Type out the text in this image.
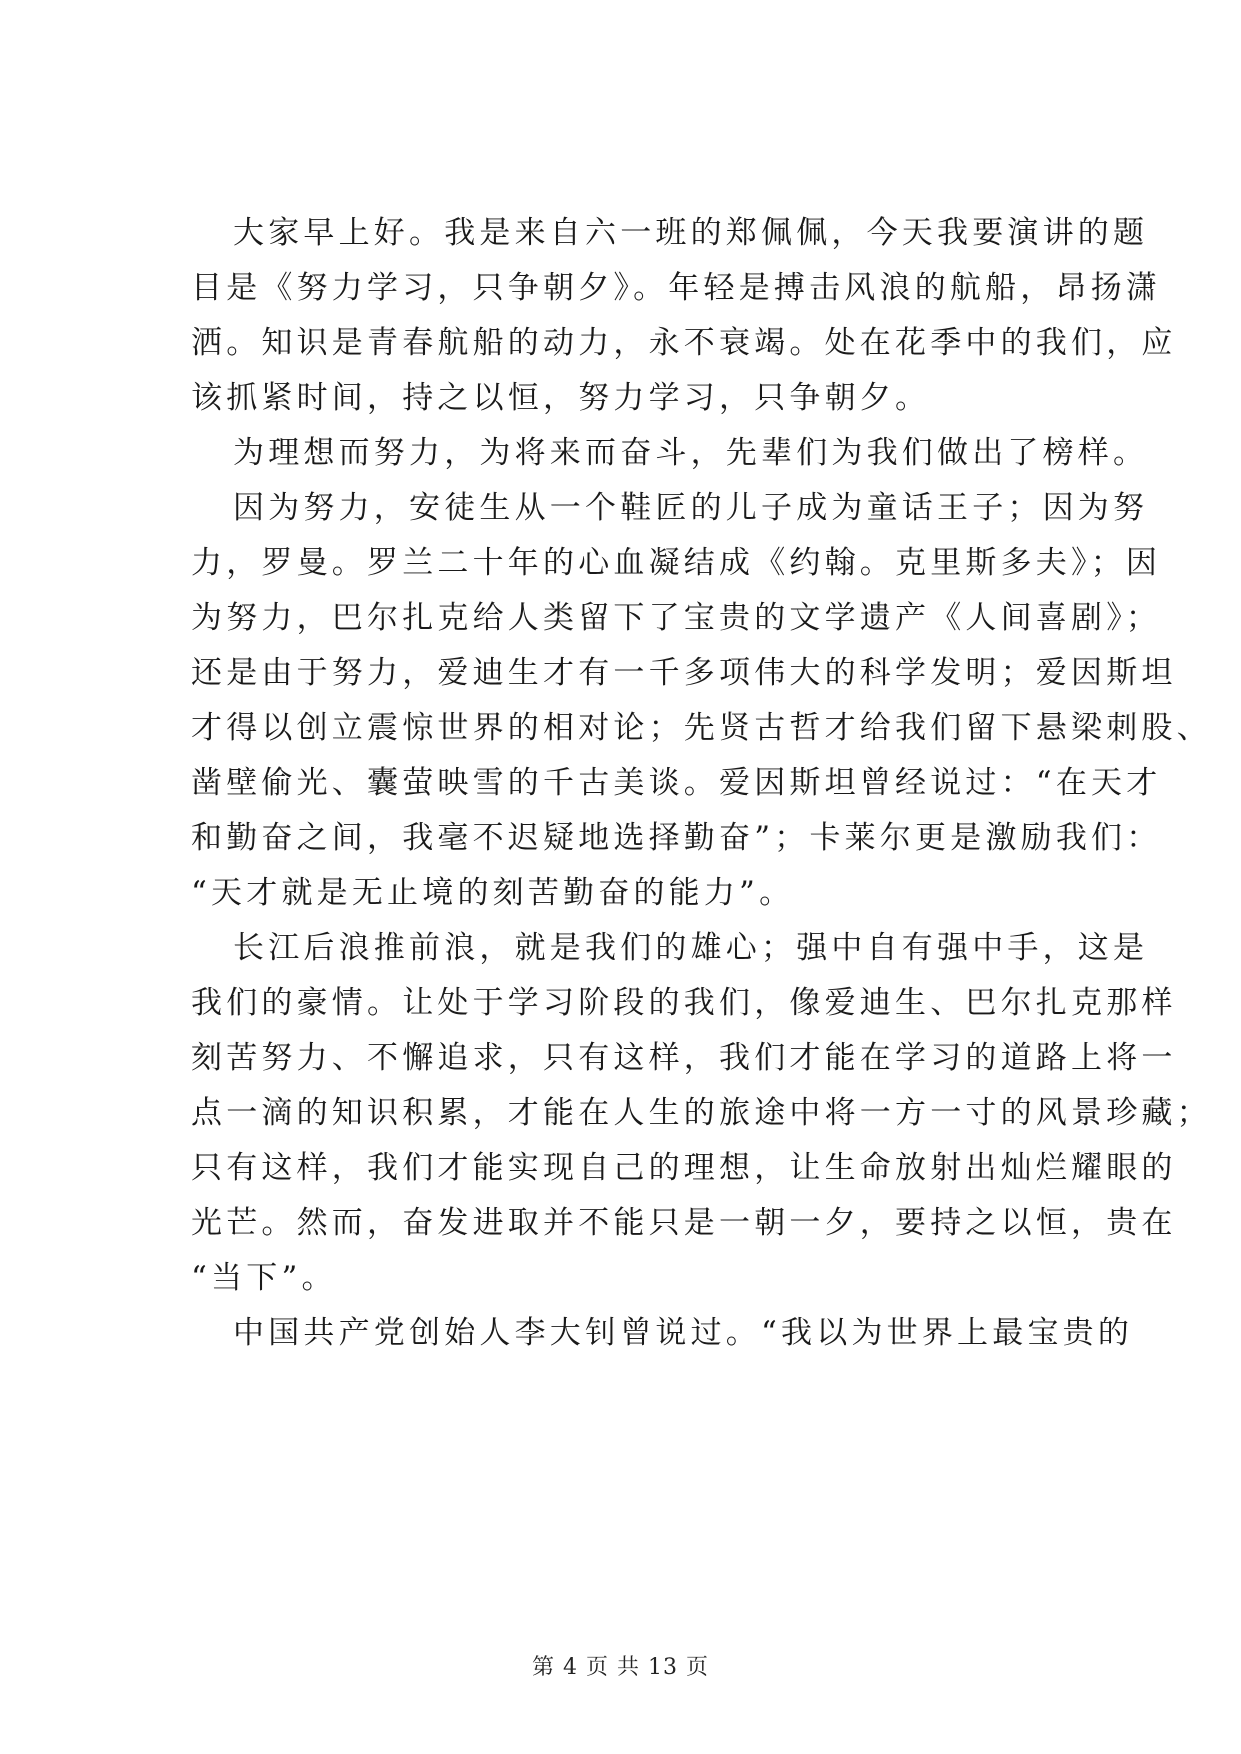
大家早上好。我是来自六一班的郑佩佩，今天我要演讲的题
目是《努力学习，只争朝夕》。年轻是搏击风浪的航船，昂扬潇
洒。知识是青春航船的动力，永不衰竭。处在花季中的我们，应
该抓紧时间，持之以恒，努力学习，只争朝夕。
为理想而努力，为将来而奋斗，先辈们为我们做出了榜样。
因为努力，安徒生从一个鞋匠的儿子成为童话王子；因为努
力，罗曼。罗兰二十年的心血凝结成《约翰。克里斯多夫》；因
为努力，巴尔扎克给人类留下了宝贵的文学遗产《人间喜剧》；
还是由于努力，爱迪生才有一千多项伟大的科学发明；爱因斯坦
才得以创立震惊世界的相对论；先贤古哲才给我们留下悬梁刺股、
凿壁偷光、囊萤映雪的千古美谈。爱因斯坦曾经说过：“在天才
和勤奋之间，我毫不迟疑地选择勤奋”；卡莱尔更是激励我们：
“天才就是无止境的刻苦勤奋的能力”。
长江后浪推前浪，就是我们的雄心；强中自有强中手，这是
我们的豪情。让处于学习阶段的我们，像爱迪生、巴尔扎克那样
刻苦努力、不懈追求，只有这样，我们才能在学习的道路上将一
点一滴的知识积累，才能在人生的旅途中将一方一寸的风景珍藏；
只有这样，我们才能实现自己的理想，让生命放射出灿烂耀眼的
光芒。然而，奋发进取并不能只是一朝一夕，要持之以恒，贵在
“当下”。
中国共产党创始人李大钊曾说过。“我以为世界上最宝贵的
第 4 页 共 13 页
